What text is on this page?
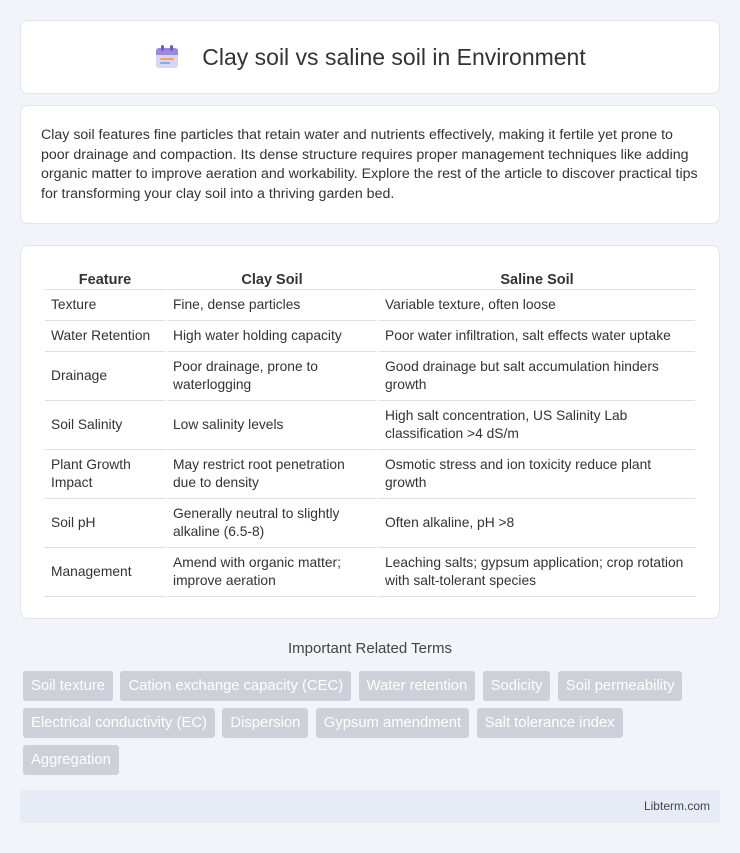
Clay soil vs saline soil in Environment

Clay soil features fine particles that retain water and nutrients effectively, making it fertile yet prone to poor drainage and compaction. Its dense structure requires proper management techniques like adding organic matter to improve aeration and workability. Explore the rest of the article to discover practical tips for transforming your clay soil into a thriving garden bed.

Feature	Clay Soil	Saline Soil
Texture	Fine, dense particles	Variable texture, often loose
Water Retention	High water holding capacity	Poor water infiltration, salt effects water uptake
Drainage	Poor drainage, prone to waterlogging	Good drainage but salt accumulation hinders growth
Soil Salinity	Low salinity levels	High salt concentration, US Salinity Lab classification >4 dS/m
Plant Growth Impact	May restrict root penetration due to density	Osmotic stress and ion toxicity reduce plant growth
Soil pH	Generally neutral to slightly alkaline (6.5-8)	Often alkaline, pH >8
Management	Amend with organic matter; improve aeration	Leaching salts; gypsum application; crop rotation with salt-tolerant species
Important Related Terms
Soil texture Cation exchange capacity (CEC) Water retention Sodicity Soil permeability Electrical conductivity (EC) Dispersion Gypsum amendment Salt tolerance index Aggregation
Libterm.com
